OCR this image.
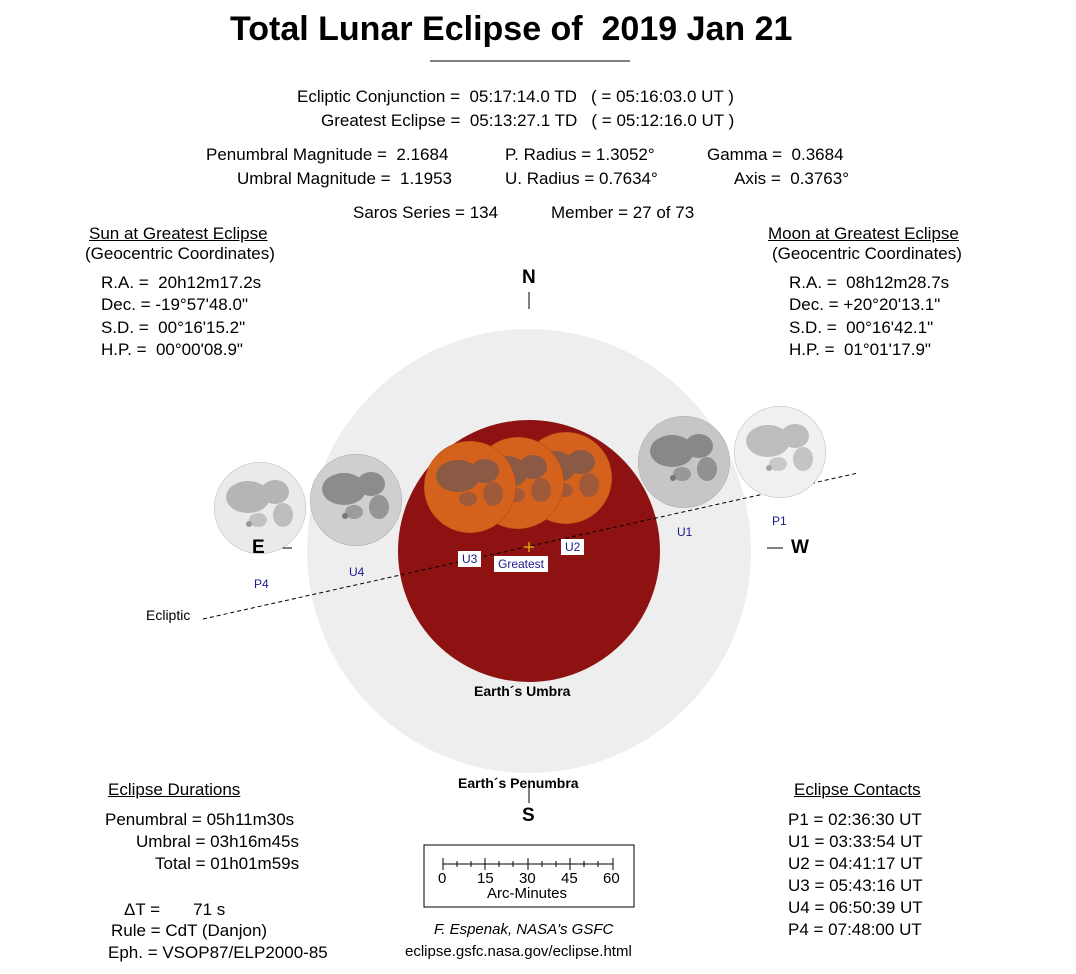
Total Lunar Eclipse of  2019 Jan 21
Ecliptic Conjunction =  05:17:14.0 TD   ( = 05:16:03.0 UT )
Greatest Eclipse =  05:13:27.1 TD   ( = 05:12:16.0 UT )
Penumbral Magnitude =  2.1684
Umbral Magnitude =  1.1953
P. Radius = 1.3052°
U. Radius = 0.7634°
Gamma =  0.3684
Axis =  0.3763°
Saros Series = 134	Member = 27 of 73
Sun at Greatest Eclipse
(Geocentric Coordinates)
R.A. =  20h12m17.2s
Dec. = -19°57'48.0"
S.D. =  00°16'15.2"
H.P. =  00°00'08.9"
Moon at Greatest Eclipse
(Geocentric Coordinates)
R.A. =  08h12m28.7s
Dec. = +20°20'13.1"
S.D. =  00°16'42.1"
H.P. =  01°01'17.9"
N
S
E	W
P1
P4
U1
U4
U2
U3	Greatest
Ecliptic
Earth´s Umbra
Earth´s Penumbra
Eclipse Durations
Penumbral = 05h11m30s
Umbral = 03h16m45s
Total = 01h01m59s
ΔT =       71 s
Rule = CdT (Danjon)
Eph. = VSOP87/ELP2000-85
Eclipse Contacts
P1 = 02:36:30 UT
U1 = 03:33:54 UT
U2 = 04:41:17 UT
U3 = 05:43:16 UT
U4 = 06:50:39 UT
P4 = 07:48:00 UT
0 15 30 45 60
Arc-Minutes
F. Espenak, NASA's GSFC
eclipse.gsfc.nasa.gov/eclipse.html
